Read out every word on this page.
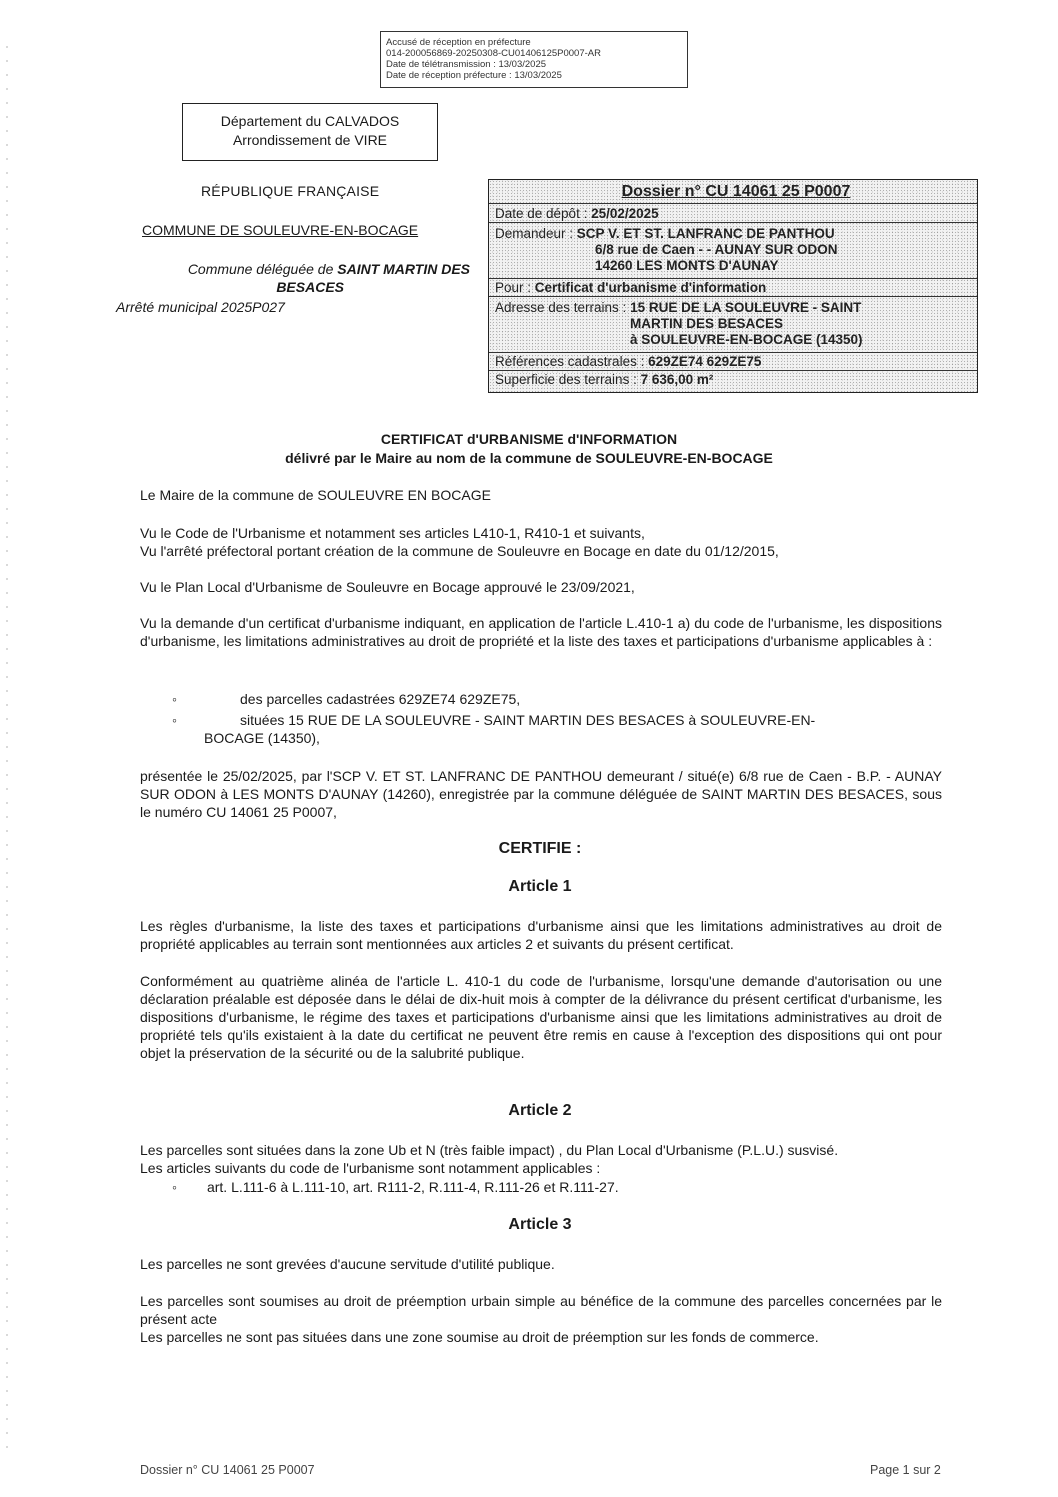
Accusé de réception en préfecture
014-200056869-20250308-CU01406125P0007-AR
Date de télétransmission : 13/03/2025
Date de réception préfecture : 13/03/2025
Département du CALVADOS
Arrondissement de VIRE
RÉPUBLIQUE FRANÇAISE
COMMUNE DE SOULEUVRE-EN-BOCAGE
Commune déléguée de SAINT MARTIN DES
BESACES
Arrêté municipal 2025P027
Dossier n° CU 14061 25 P0007
Date de dépôt : 25/02/2025
Demandeur : SCP V. ET ST. LANFRANC DE PANTHOU
6/8 rue de Caen - - AUNAY SUR ODON
14260 LES MONTS D'AUNAY
Pour : Certificat d'urbanisme d'information
Adresse des terrains : 15 RUE DE LA SOULEUVRE - SAINT
MARTIN DES BESACES
à SOULEUVRE-EN-BOCAGE (14350)
Références cadastrales : 629ZE74 629ZE75
Superficie des terrains : 7 636,00 m²
CERTIFICAT d'URBANISME d'INFORMATION
délivré par le Maire au nom de la commune de SOULEUVRE-EN-BOCAGE
Le Maire de la commune de SOULEUVRE EN BOCAGE
Vu le Code de l'Urbanisme et notamment ses articles L410-1, R410-1 et suivants,
Vu l'arrêté préfectoral portant création de la commune de Souleuvre en Bocage en date du 01/12/2015,
Vu le Plan Local d'Urbanisme de Souleuvre en Bocage approuvé le 23/09/2021,
Vu la demande d'un certificat d'urbanisme indiquant, en application de l'article L.410-1 a) du code de l'urbanisme, les dispositions d'urbanisme, les limitations administratives au droit de propriété et la liste des taxes et participations d'urbanisme applicables à :
◦	des parcelles cadastrées 629ZE74 629ZE75,
◦	situées 15 RUE DE LA SOULEUVRE - SAINT MARTIN DES BESACES à SOULEUVRE-EN-
BOCAGE (14350),
présentée le 25/02/2025, par l'SCP V. ET ST. LANFRANC DE PANTHOU demeurant / situé(e) 6/8 rue de Caen - B.P. - AUNAY SUR ODON à LES MONTS D'AUNAY (14260), enregistrée par la commune déléguée de SAINT MARTIN DES BESACES, sous le numéro CU 14061 25 P0007,
CERTIFIE :
Article 1
Les règles d'urbanisme, la liste des taxes et participations d'urbanisme ainsi que les limitations administratives au droit de propriété applicables au terrain sont mentionnées aux articles 2 et suivants du présent certificat.
Conformément au quatrième alinéa de l'article L. 410-1 du code de l'urbanisme, lorsqu'une demande d'autorisation ou une déclaration préalable est déposée dans le délai de dix-huit mois à compter de la délivrance du présent certificat d'urbanisme, les dispositions d'urbanisme, le régime des taxes et participations d'urbanisme ainsi que les limitations administratives au droit de propriété tels qu'ils existaient à la date du certificat ne peuvent être remis en cause à l'exception des dispositions qui ont pour objet la préservation de la sécurité ou de la salubrité publique.
Article 2
Les parcelles sont situées dans la zone Ub et N (très faible impact) , du Plan Local d'Urbanisme (P.L.U.) susvisé.
Les articles suivants du code de l'urbanisme sont notamment applicables :
◦ art. L.111-6 à L.111-10, art. R111-2, R.111-4, R.111-26 et R.111-27.
Article 3
Les parcelles ne sont grevées d'aucune servitude d'utilité publique.
Les parcelles sont soumises au droit de préemption urbain simple au bénéfice de la commune des parcelles concernées par le présent acte
Les parcelles ne sont pas situées dans une zone soumise au droit de préemption sur les fonds de commerce.
Dossier n° CU 14061 25 P0007	Page 1 sur 2
